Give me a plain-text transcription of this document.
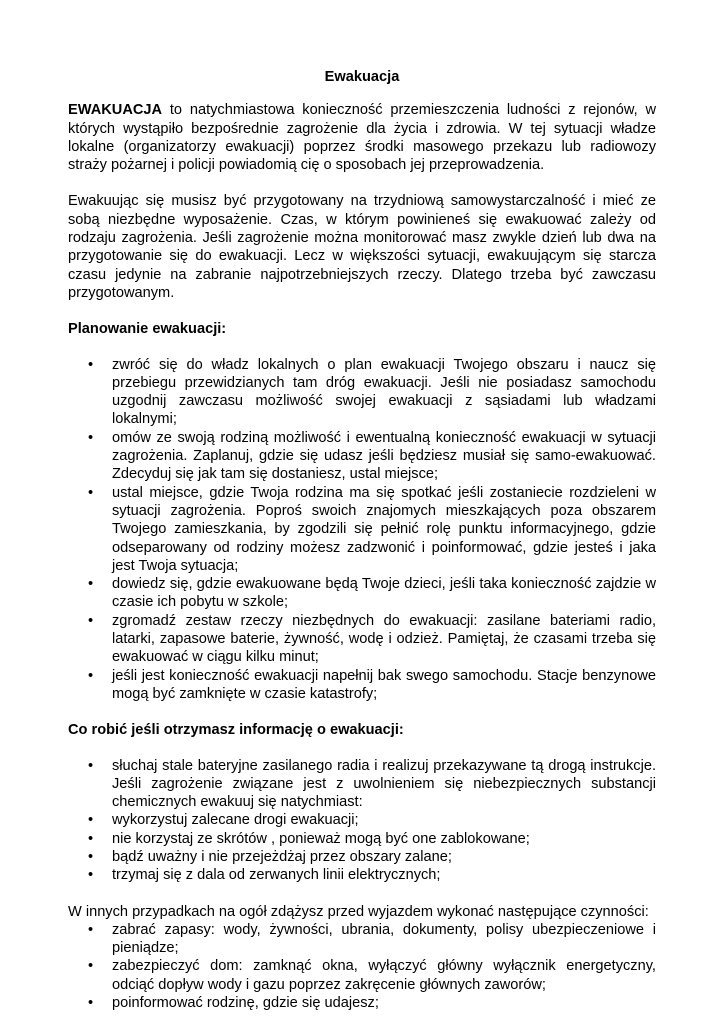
Ewakuacja

EWAKUACJA to natychmiastowa konieczność przemieszczenia ludności z rejonów, w których wystąpiło bezpośrednie zagrożenie dla życia i zdrowia. W tej sytuacji władze lokalne (organizatorzy ewakuacji) poprzez środki masowego przekazu lub radiowozy straży pożarnej i policji powiadomią cię o sposobach jej przeprowadzenia.

Ewakuując się musisz być przygotowany na trzydniową samowystarczalność i mieć ze sobą niezbędne wyposażenie. Czas, w którym powinieneś się ewakuować zależy od rodzaju zagrożenia. Jeśli zagrożenie można monitorować masz zwykle dzień lub dwa na przygotowanie się do ewakuacji. Lecz w większości sytuacji, ewakuującym się starcza czasu jedynie na zabranie najpotrzebniejszych rzeczy. Dlatego trzeba być zawczasu przygotowanym.

Planowanie ewakuacji:
• zwróć się do władz lokalnych o plan ewakuacji Twojego obszaru i naucz się przebiegu przewidzianych tam dróg ewakuacji. Jeśli nie posiadasz samochodu uzgodnij zawczasu możliwość swojej ewakuacji z sąsiadami lub władzami lokalnymi;
• omów ze swoją rodziną możliwość i ewentualną konieczność ewakuacji w sytuacji zagrożenia. Zaplanuj, gdzie się udasz jeśli będziesz musiał się samo-ewakuować. Zdecyduj się jak tam się dostaniesz, ustal miejsce;
• ustal miejsce, gdzie Twoja rodzina ma się spotkać jeśli zostaniecie rozdzieleni w sytuacji zagrożenia. Poproś swoich znajomych mieszkających poza obszarem Twojego zamieszkania, by zgodzili się pełnić rolę punktu informacyjnego, gdzie odseparowany od rodziny możesz zadzwonić i poinformować, gdzie jesteś i jaka jest Twoja sytuacja;
• dowiedz się, gdzie ewakuowane będą Twoje dzieci, jeśli taka konieczność zajdzie w czasie ich pobytu w szkole;
• zgromadź zestaw rzeczy niezbędnych do ewakuacji: zasilane bateriami radio, latarki, zapasowe baterie, żywność, wodę i odzież. Pamiętaj, że czasami trzeba się ewakuować w ciągu kilku minut;
• jeśli jest konieczność ewakuacji napełnij bak swego samochodu. Stacje benzynowe mogą być zamknięte w czasie katastrofy;
Co robić jeśli otrzymasz informację o ewakuacji:
• słuchaj stale bateryjne zasilanego radia i realizuj przekazywane tą drogą instrukcje. Jeśli zagrożenie związane jest z uwolnieniem się niebezpiecznych substancji chemicznych ewakuuj się natychmiast:
• wykorzystuj zalecane drogi ewakuacji;
• nie korzystaj ze skrótów , ponieważ mogą być one zablokowane;
• bądź uważny i nie przejeżdżaj przez obszary zalane;
• trzymaj się z dala od zerwanych linii elektrycznych;

W innych przypadkach na ogół zdążysz przed wyjazdem wykonać następujące czynności:

• zabrać zapasy: wody, żywności, ubrania, dokumenty, polisy ubezpieczeniowe i pieniądze;
• zabezpieczyć dom: zamknąć okna, wyłączyć główny wyłącznik energetyczny, odciąć dopływ wody i gazu poprzez zakręcenie głównych zaworów;
• poinformować rodzinę, gdzie się udajesz;
